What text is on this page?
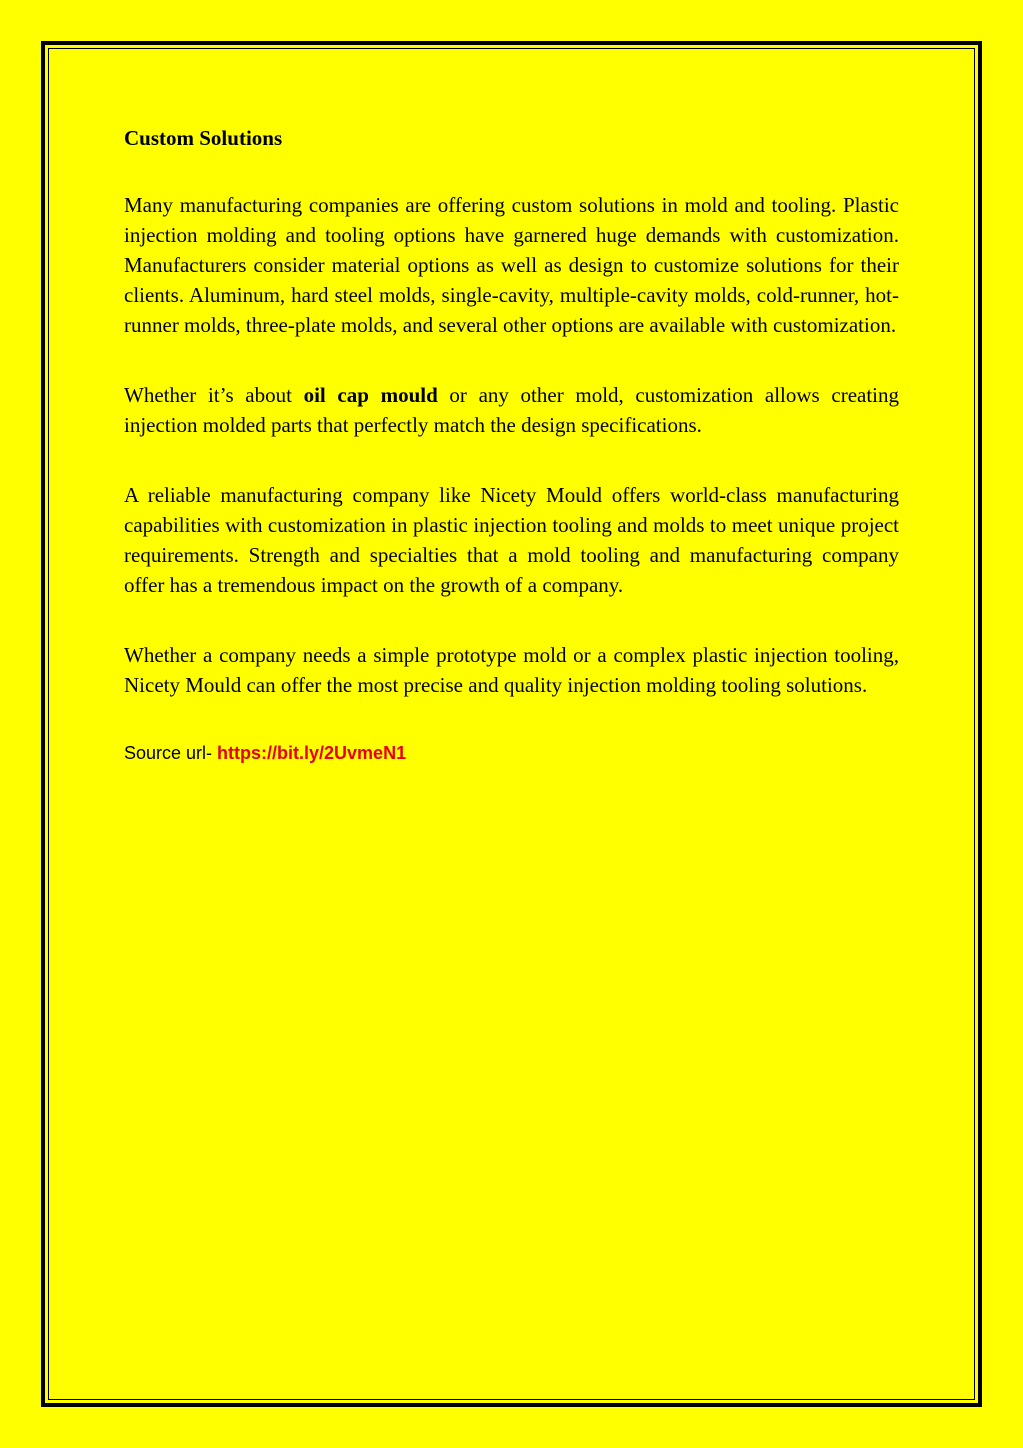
Custom Solutions

Many manufacturing companies are offering custom solutions in mold and tooling. Plastic injection molding and tooling options have garnered huge demands with customization. Manufacturers consider material options as well as design to customize solutions for their clients. Aluminum, hard steel molds, single-cavity, multiple-cavity molds, cold-runner, hot-runner molds, three-plate molds, and several other options are available with customization.

Whether it’s about oil cap mould or any other mold, customization allows creating injection molded parts that perfectly match the design specifications.

A reliable manufacturing company like Nicety Mould offers world-class manufacturing capabilities with customization in plastic injection tooling and molds to meet unique project requirements. Strength and specialties that a mold tooling and manufacturing company offer has a tremendous impact on the growth of a company.

Whether a company needs a simple prototype mold or a complex plastic injection tooling, Nicety Mould can offer the most precise and quality injection molding tooling solutions.

Source url- https://bit.ly/2UvmeN1
